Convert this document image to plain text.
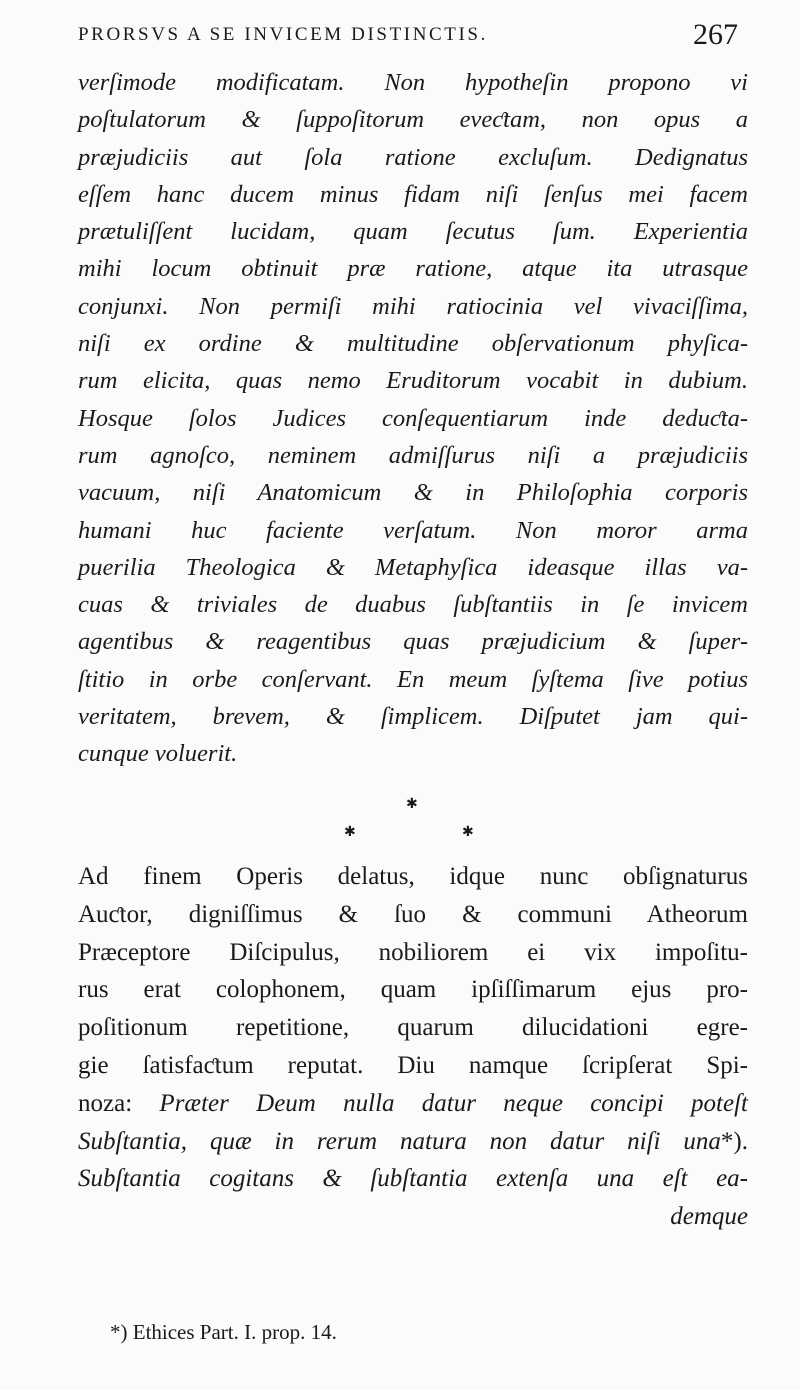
PRORSVS A SE INVICEM DISTINCTIS.	267
verſimode modificatam. Non hypotheſin propono vi
poſtulatorum & ſuppoſitorum eveƈtam, non opus a
præjudiciis aut ſola ratione excluſum. Dedignatus
eſſem hanc ducem minus fidam niſi ſenſus mei facem
prætuliſſent lucidam, quam ſecutus ſum. Experientia
mihi locum obtinuit præ ratione, atque ita utrasque
conjunxi. Non permiſi mihi ratiocinia vel vivaciſſima,
niſi ex ordine & multitudine obſervationum phyſica-
rum elicita, quas nemo Eruditorum vocabit in dubium.
Hosque ſolos Judices conſequentiarum inde deduƈta-
rum agnoſco, neminem admiſſurus niſi a præjudiciis
vacuum, niſi Anatomicum & in Philoſophia corporis
humani huc faciente verſatum. Non moror arma
puerilia Theologica & Metaphyſica ideasque illas va-
cuas & triviales de duabus ſubſtantiis in ſe invicem
agentibus & reagentibus quas præjudicium & ſuper-
ſtitio in orbe conſervant. En meum ſyſtema ſive potius
veritatem, brevem, & ſimplicem. Diſputet jam qui-
cunque voluerit.
✱
✱	✱
Ad finem Operis delatus, idque nunc obſignaturus
Auƈtor, digniſſimus & ſuo & communi Atheorum
Præceptore Diſcipulus, nobiliorem ei vix impoſitu-
rus erat colophonem, quam ipſiſſimarum ejus pro-
poſitionum repetitione, quarum dilucidationi egre-
gie ſatisfaƈtum reputat. Diu namque ſcripſerat Spi-
noza: Præter Deum nulla datur neque concipi poteſt
Subſtantia, quæ in rerum natura non datur niſi una*).
Subſtantia cogitans & ſubſtantia extenſa una eſt ea-
demque
*) Ethices Part. I. prop. 14.
